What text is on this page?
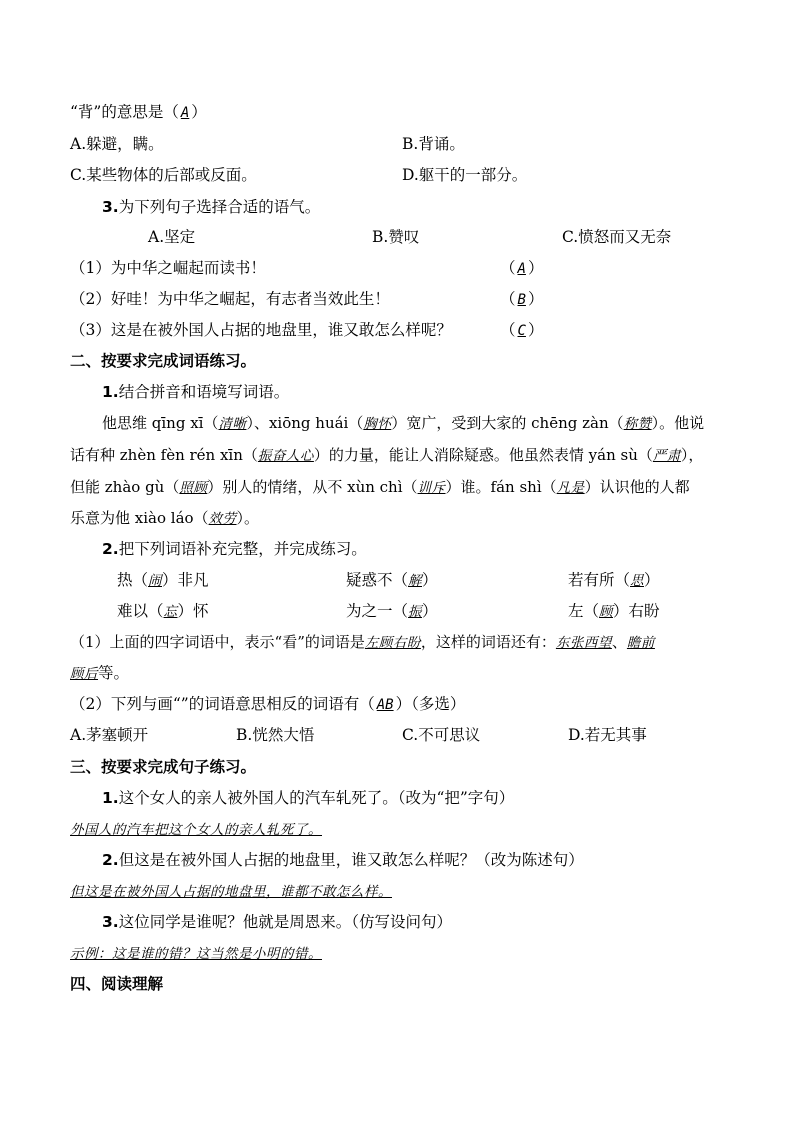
“背”的意思是（ A ）
A.躲避，瞒。	B.背诵。
C.某些物体的后部或反面。	D.躯干的一部分。
3.为下列句子选择合适的语气。
A.坚定	B.赞叹	C.愤怒而又无奈
（1）为中华之崛起而读书！	（ A ）
（2）好哇！为中华之崛起，有志者当效此生！	（ B ）
（3）这是在被外国人占据的地盘里，谁又敢怎么样呢？	（ C ）
二、按要求完成词语练习。
1.结合拼音和语境写词语。
他思维 qīng xī（清晰）、xiōng huái（胸怀）宽广，受到大家的 chēng zàn（称赞）。他说
话有种 zhèn fèn rén xīn（振奋人心）的力量，能让人消除疑惑。他虽然表情 yán sù（严肃），
但能 zhào gù（照顾）别人的情绪，从不 xùn chì（训斥）谁。fán shì（凡是）认识他的人都
乐意为他 xiào láo（效劳）。
2.把下列词语补充完整，并完成练习。
热（闹）非凡	疑惑不（解）	若有所（思）
难以（忘）怀	为之一（振）	左（顾）右盼
（1）上面的四字词语中，表示“看”的词语是左顾右盼，这样的词语还有：东张西望、瞻前
顾后等。
（2）下列与画“”的词语意思相反的词语有（ AB ）（多选）
A.茅塞顿开	B.恍然大悟	C.不可思议	D.若无其事
三、按要求完成句子练习。
1.这个女人的亲人被外国人的汽车轧死了。（改为“把”字句）
外国人的汽车把这个女人的亲人轧死了。
2.但这是在被外国人占据的地盘里，谁又敢怎么样呢？（改为陈述句）
但这是在被外国人占据的地盘里，谁都不敢怎么样。
3.这位同学是谁呢？他就是周恩来。（仿写设问句）
示例：这是谁的错？这当然是小明的错。
四、阅读理解
